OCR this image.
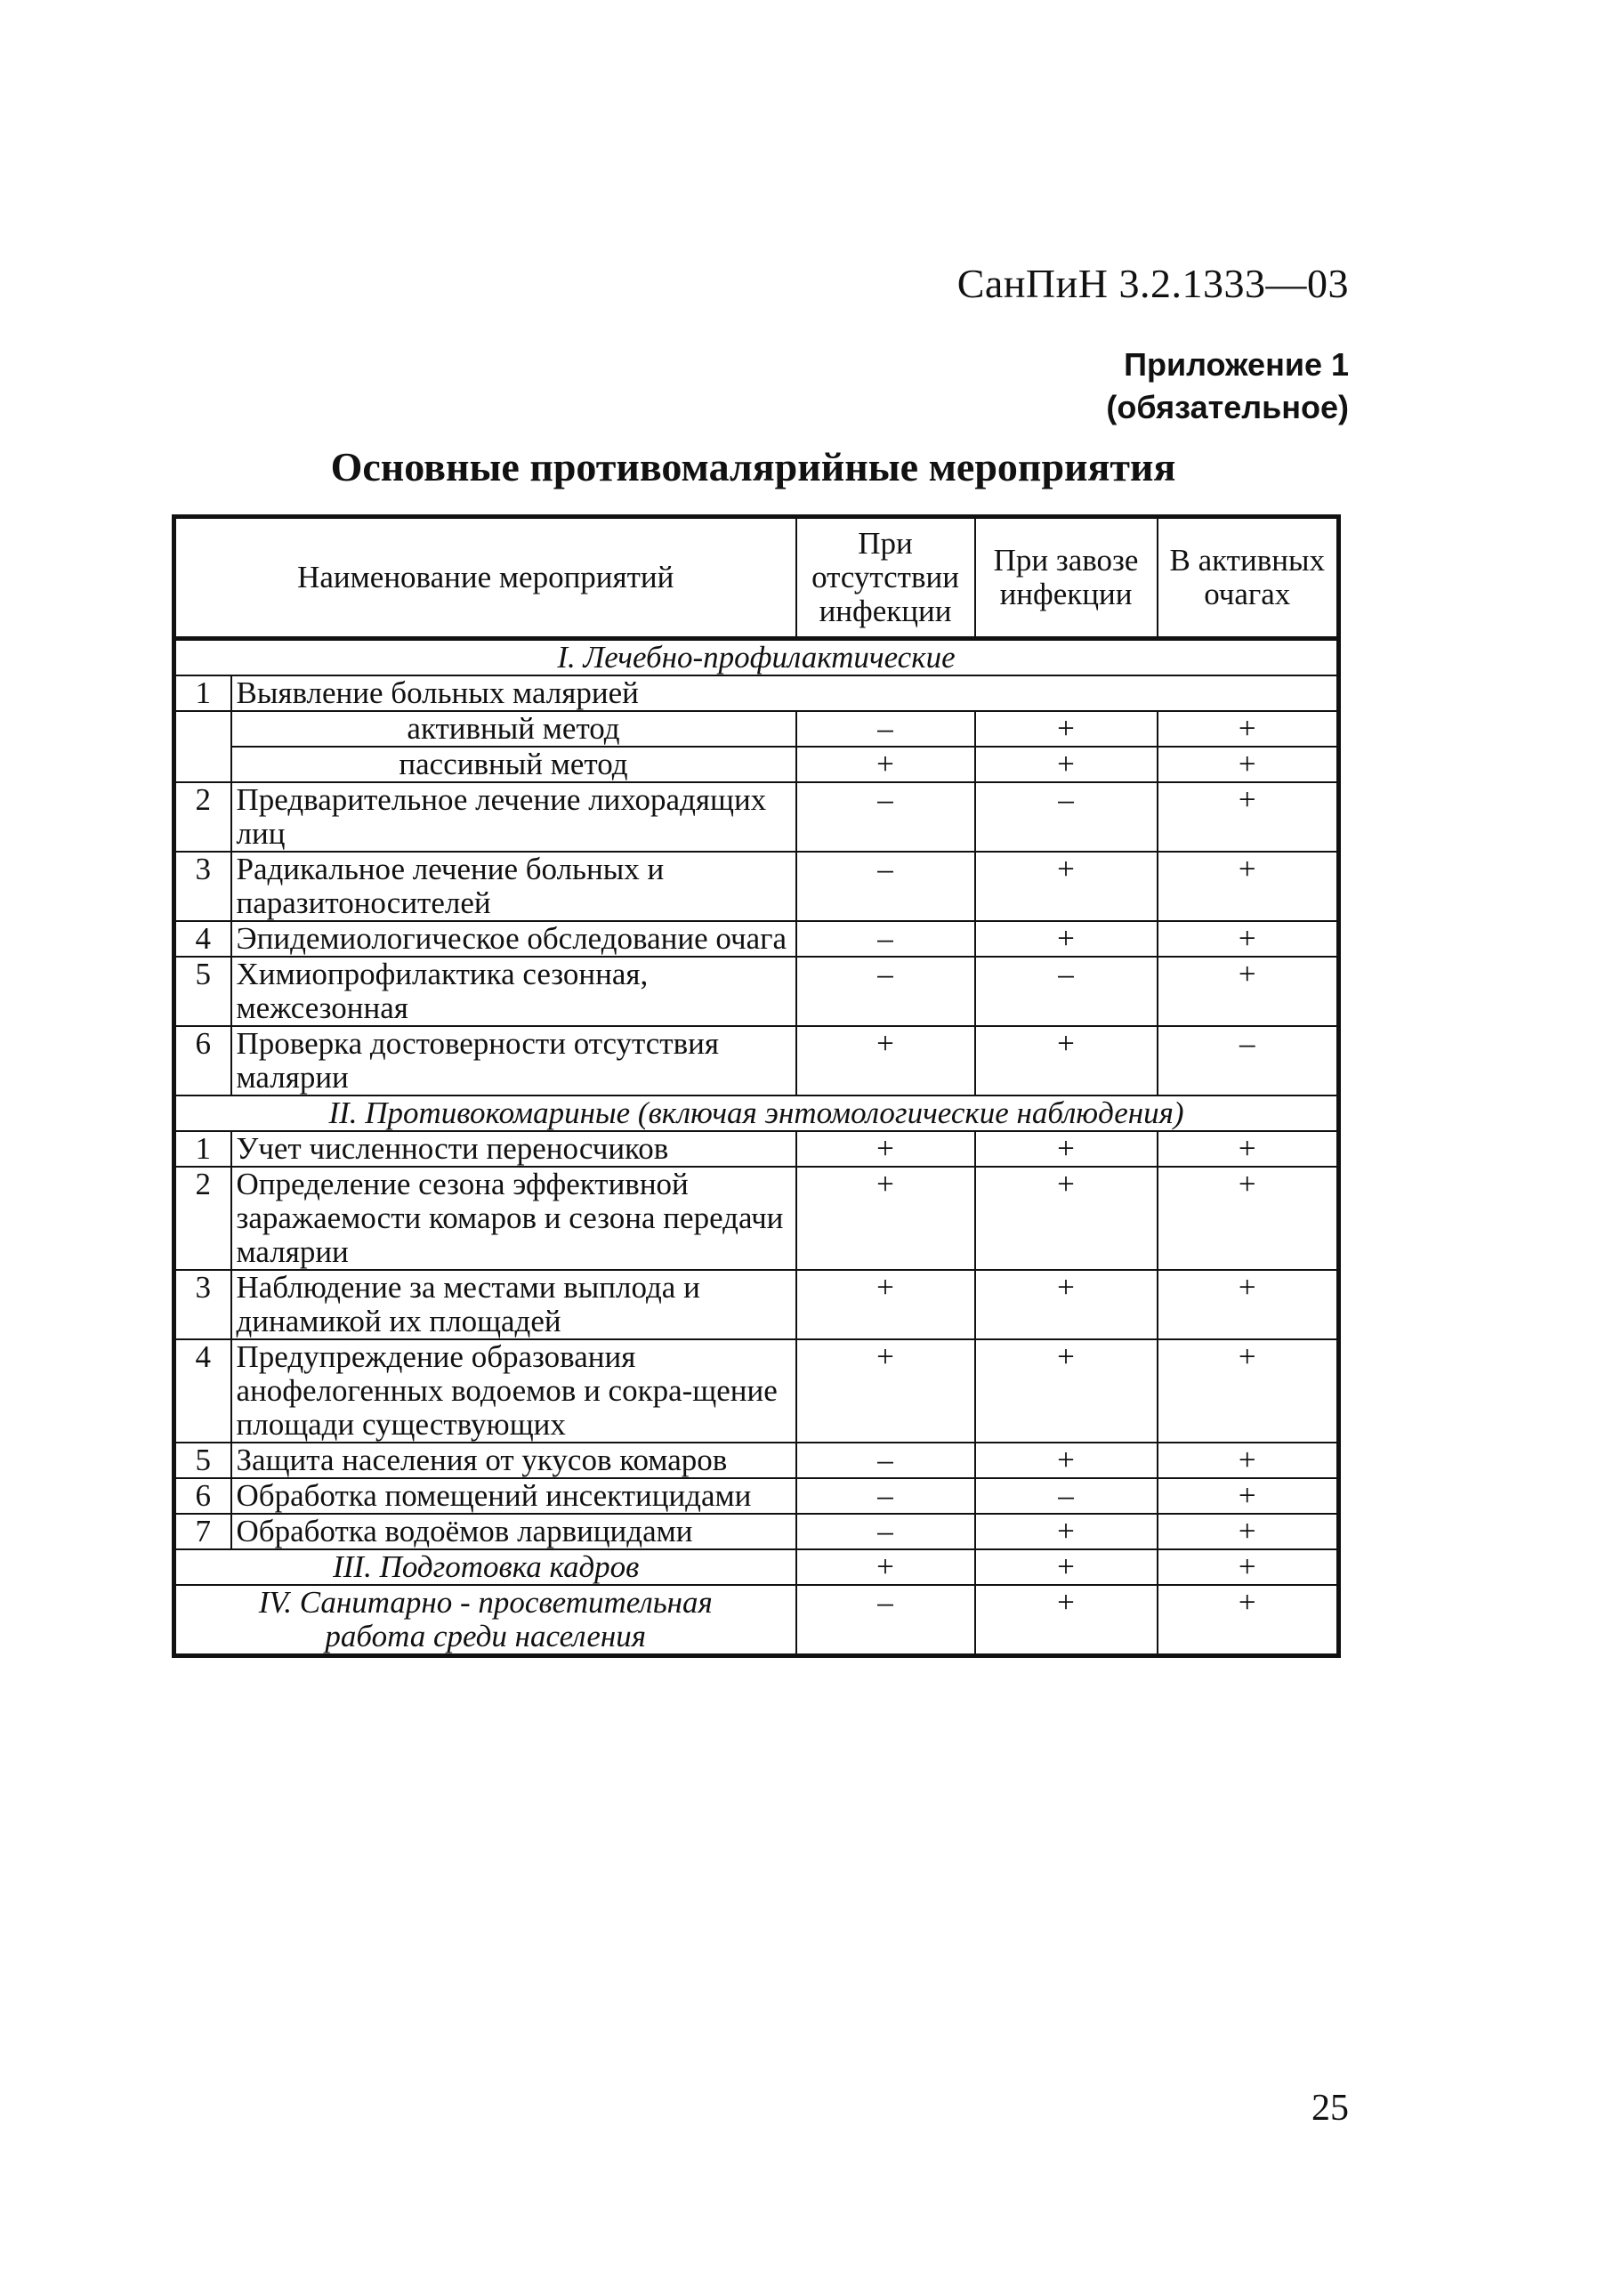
СанПиН 3.2.1333—03
Приложение 1
(обязательное)
Основные противомалярийные мероприятия
Наименование мероприятий		При отсутствии инфекции	При завозе инфекции	В активных очагах
I. Лечебно-профилактические				
1	Выявление больных малярией			
	активный метод	–	+	+
	пассивный метод	+	+	+
2	Предварительное лечение лихорадящих лиц	–	–	+
3	Радикальное лечение больных и паразитоносителей	–	+	+
4	Эпидемиологическое обследование очага	–	+	+
5	Химиопрофилактика сезонная, межсезонная	–	–	+
6	Проверка достоверности отсутствия малярии	+	+	–
II. Противокомариные (включая энтомологические наблюдения)				
1	Учет численности переносчиков	+	+	+
2	Определение сезона эффективной заражаемости комаров и сезона передачи малярии	+	+	+
3	Наблюдение за местами выплода и динамикой их площадей	+	+	+
4	Предупреждение образования анофелогенных водоемов и сокра-щение площади существующих	+	+	+
5	Защита населения от укусов комаров	–	+	+
6	Обработка помещений инсектицидами	–	–	+
7	Обработка водоёмов ларвицидами	–	+	+
III. Подготовка кадров		+	+	+
IV. Санитарно - просветительная работа среди населения		–	+	+
25
